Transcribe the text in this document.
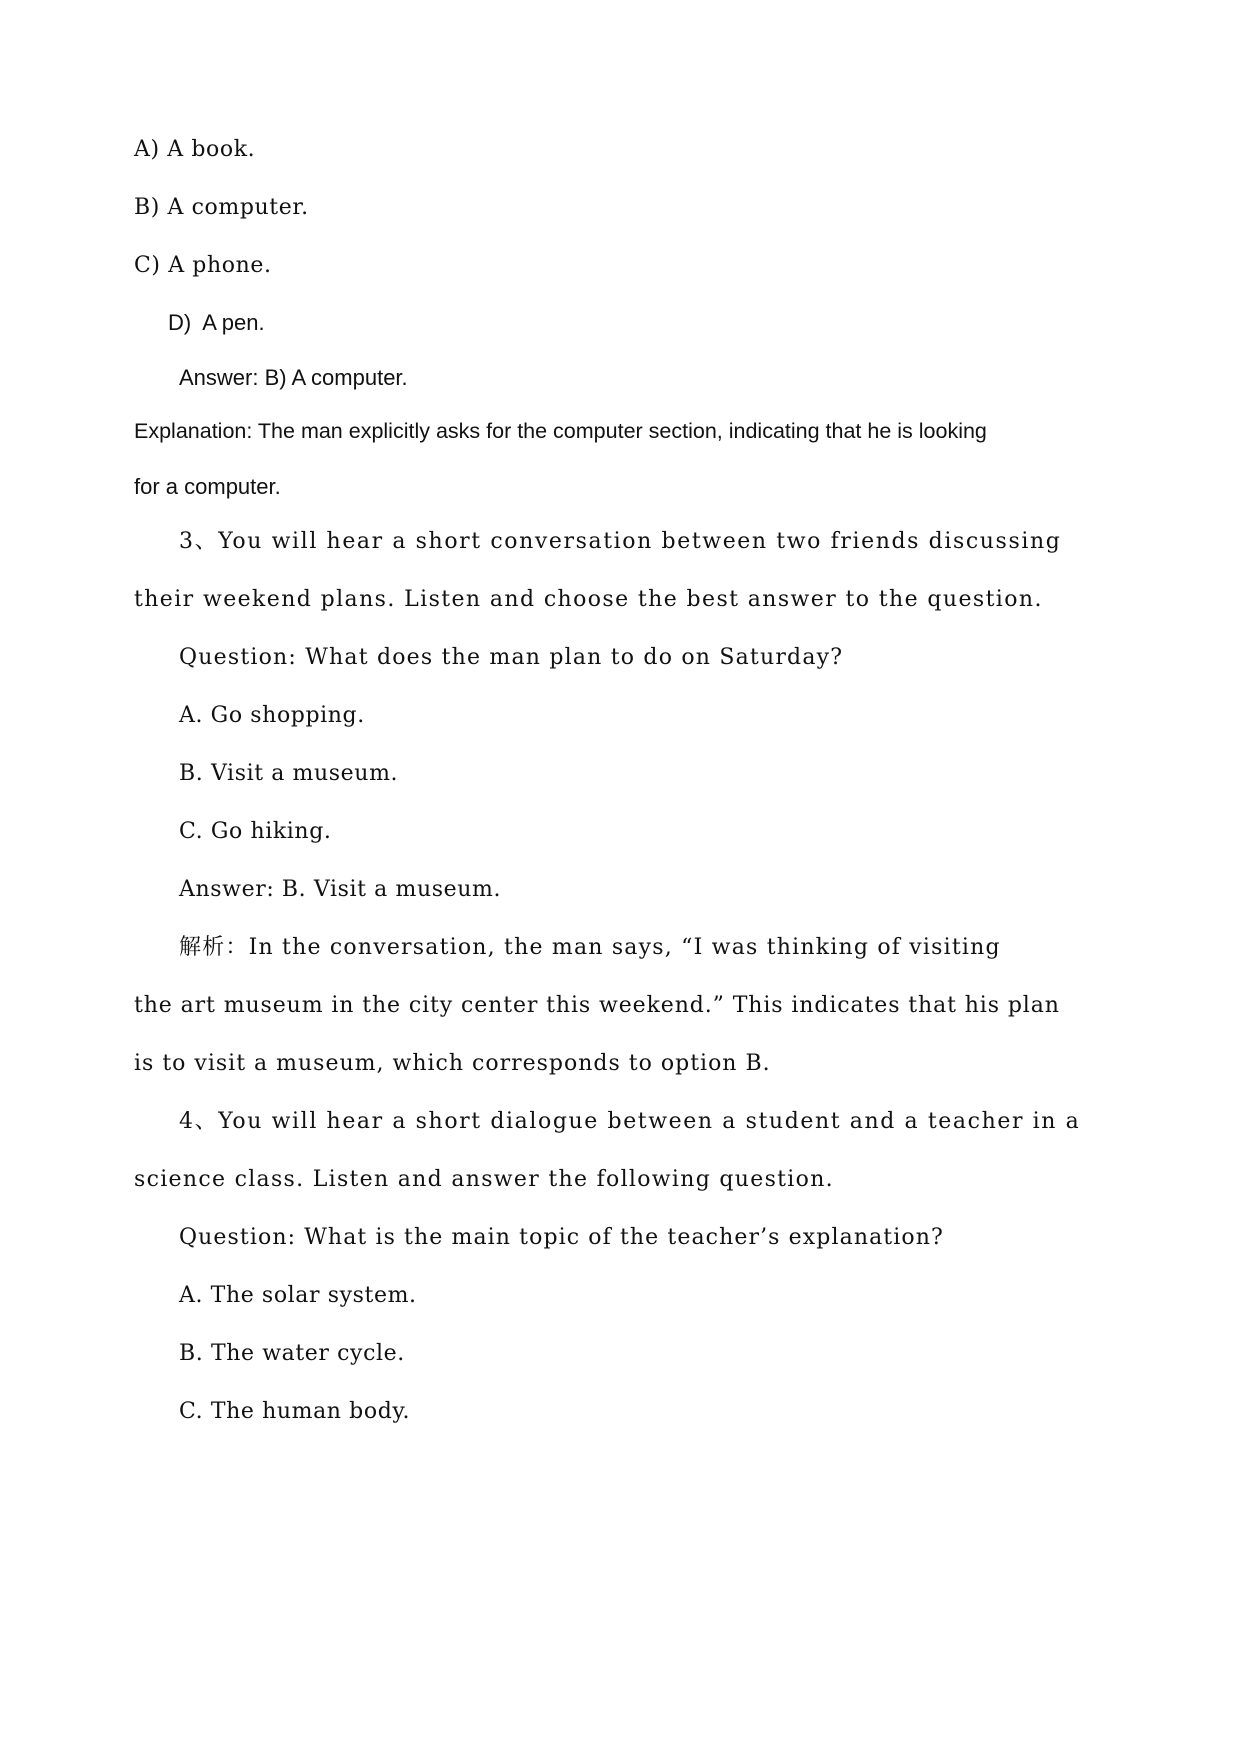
A) A book.
B) A computer.
C) A phone.
D)  A pen.
Answer: B) A computer.
Explanation: The man explicitly asks for the computer section, indicating that he is looking
for a computer.
3、You will hear a short conversation between two friends discussing
their weekend plans. Listen and choose the best answer to the question.
Question: What does the man plan to do on Saturday?
A. Go shopping.
B. Visit a museum.
C. Go hiking.
Answer: B. Visit a museum.
解析：In the conversation, the man says, “I was thinking of visiting
the art museum in the city center this weekend.” This indicates that his plan
is to visit a museum, which corresponds to option B.
4、You will hear a short dialogue between a student and a teacher in a
science class. Listen and answer the following question.
Question: What is the main topic of the teacher’s explanation?
A. The solar system.
B. The water cycle.
C. The human body.
